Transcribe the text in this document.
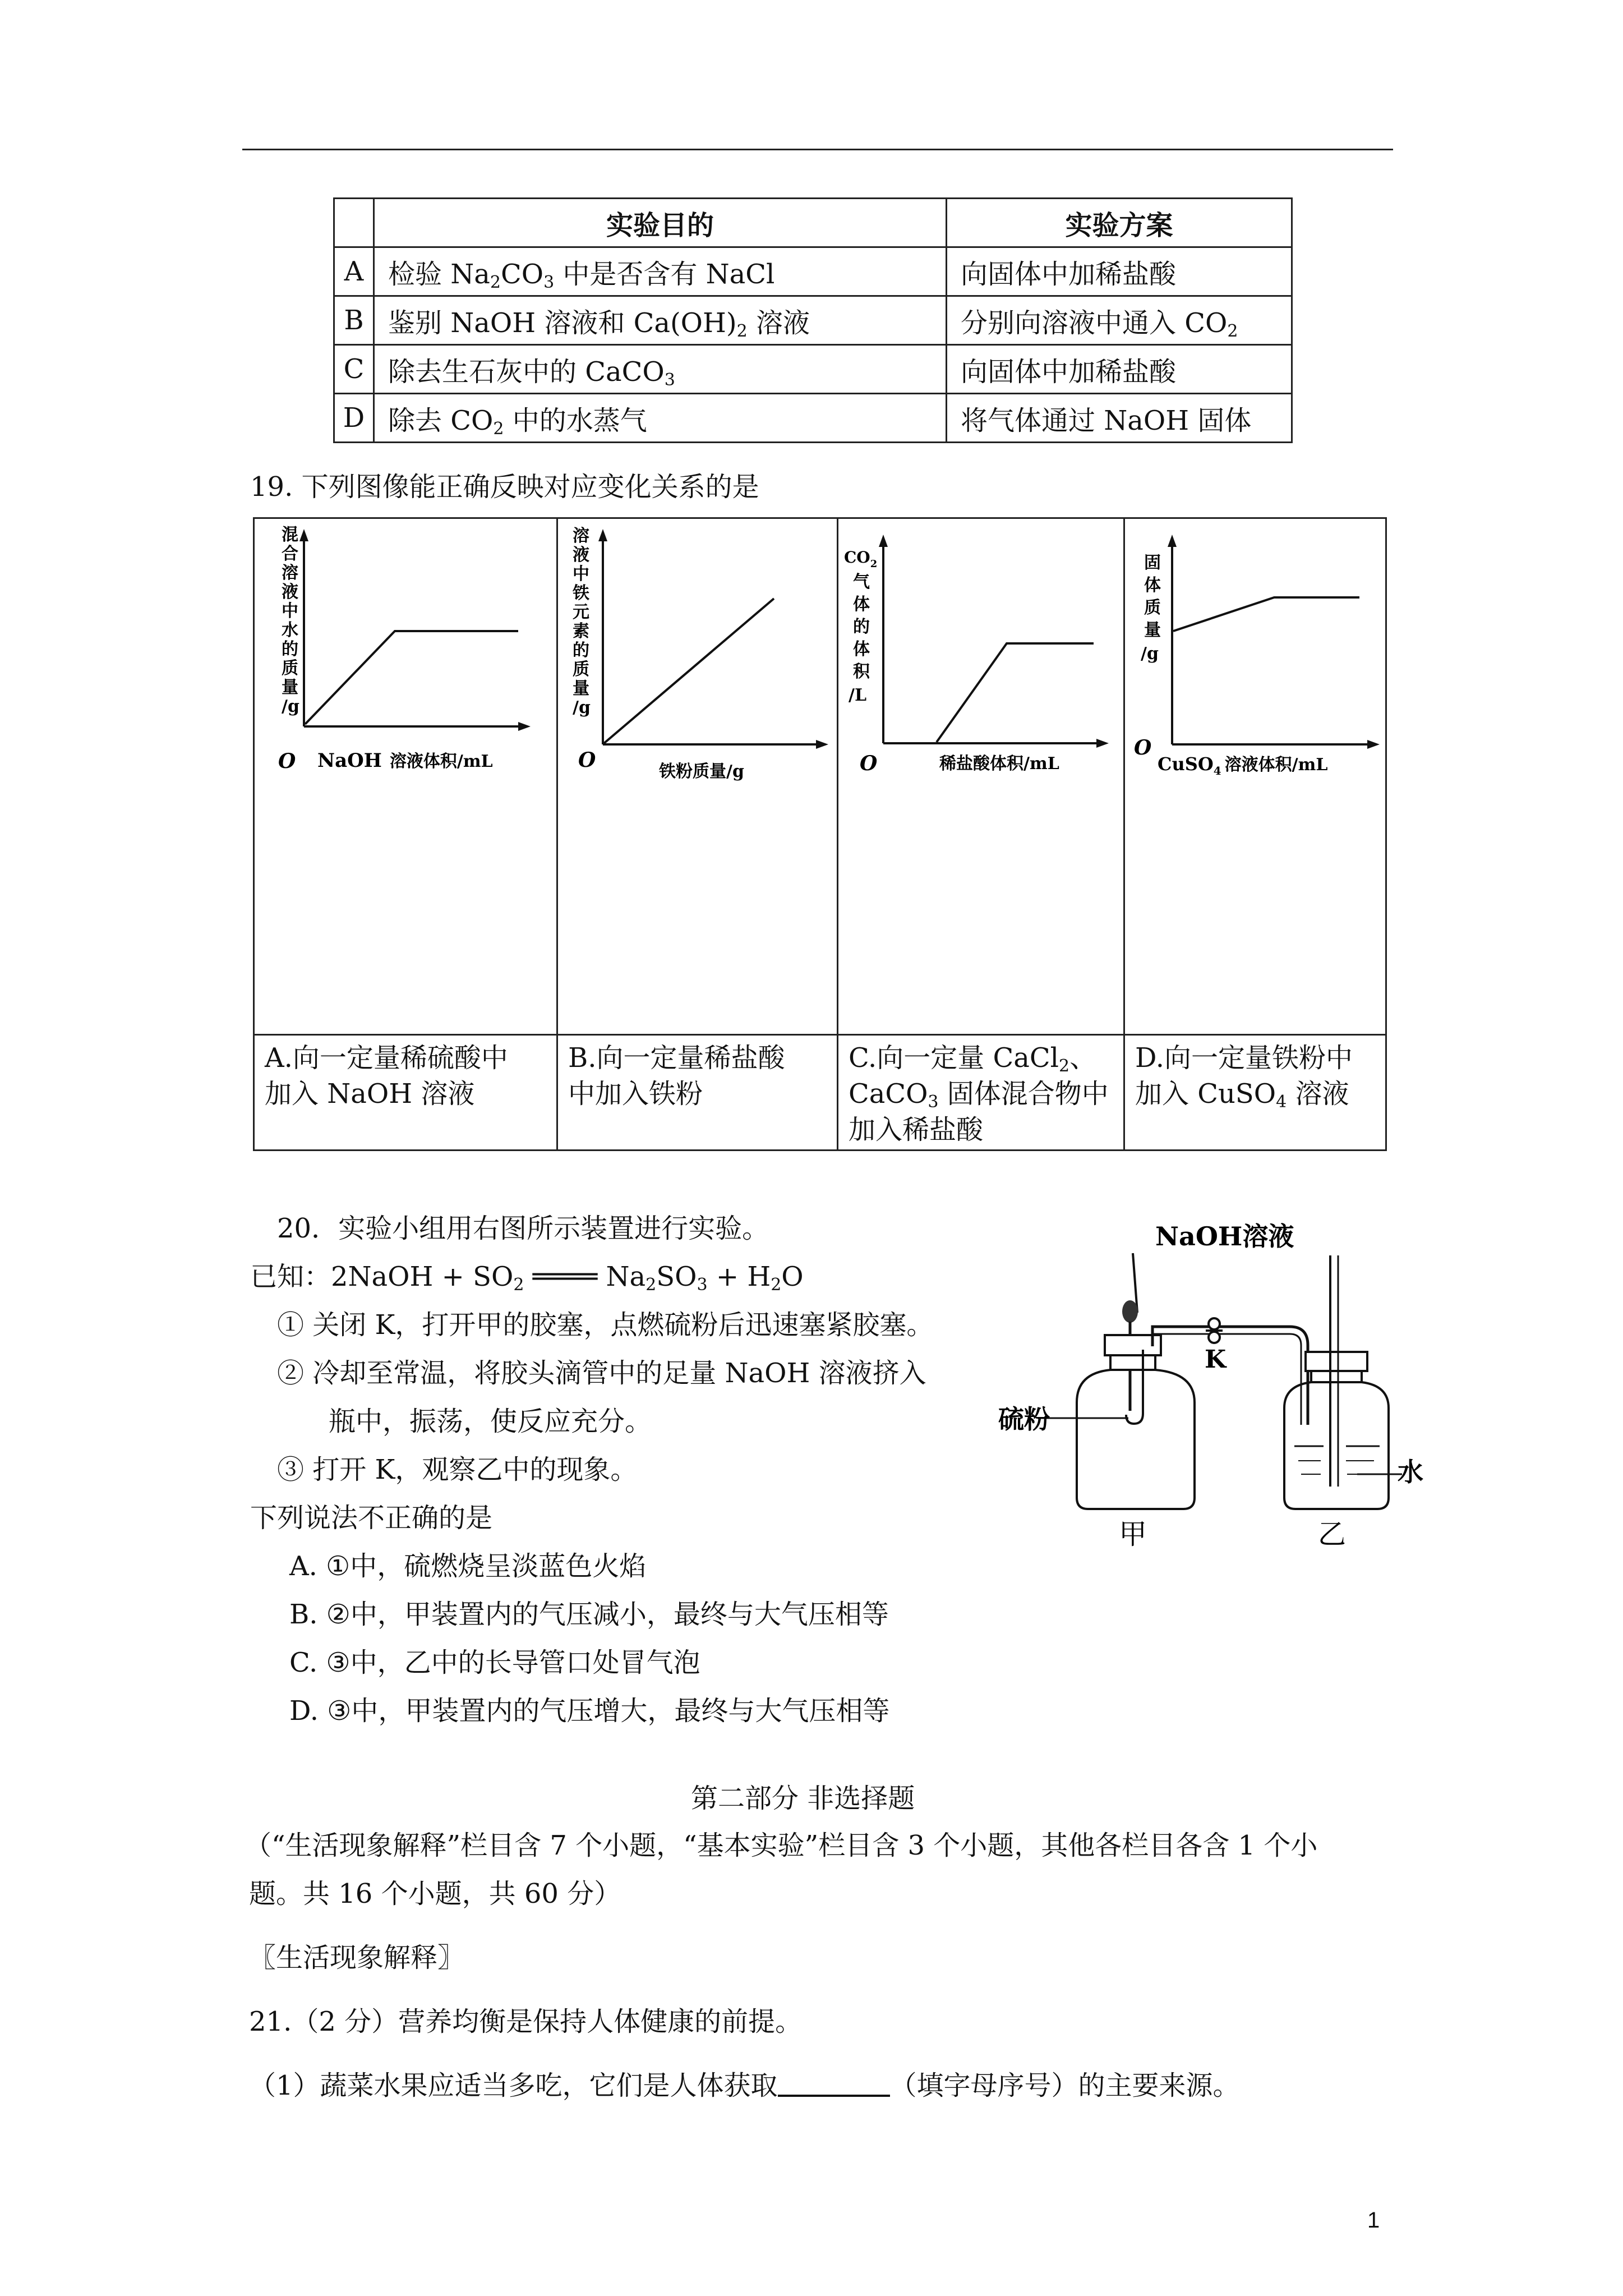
	实验目的	实验方案
A	检验 $Na_2CO_3$ 中是否含有 NaCl	向固体中加稀盐酸
B	鉴别 NaOH 溶液和 $Ca(OH)_2$ 溶液	分别向溶液中通入 $CO_2$
C	除去生石灰中的 CaCO$_3$	向固体中加稀盐酸
D	除去 $CO_2$ 中的水蒸气	将气体通过 NaOH 固体
19. 下列图像能正确反映对应变化关系的是
混合溶液中水的质量/g
O NaOH 溶液体积/mL
A.向一定量稀硫酸中
加入 NaOH 溶液
溶液中铁元素的质量/g
O	铁粉质量/g
B.向一定量稀盐酸
中加入铁粉
$CO_2$
气体的体积/L
O	稀盐酸体积/mL
C.向一定量 CaCl$_2$、
CaCO$_3$ 固体混合物中
加入稀盐酸
固体质量/g
O
CuSO$_4$ 溶液体积/mL
D.向一定量铁粉中
加入 CuSO$_4$ 溶液
20．实验小组用右图所示装置进行实验。
已知：2NaOH + $SO_2$ ════ $Na_2SO_3 + H_2O$
① 关闭 K，打开甲的胶塞，点燃硫粉后迅速塞紧胶塞。
② 冷却至常温，将胶头滴管中的足量 NaOH 溶液挤入
瓶中，振荡，使反应充分。
③ 打开 K，观察乙中的现象。
下列说法不正确的是
A. ①中，硫燃烧呈淡蓝色火焰
B. ②中，甲装置内的气压减小，最终与大气压相等
C. ③中，乙中的长导管口处冒气泡
D. ③中，甲装置内的气压增大，最终与大气压相等
NaOH溶液
硫粉
K
水
甲	乙
第二部分 非选择题
（“生活现象解释”栏目含 7 个小题，“基本实验”栏目含 3 个小题，其他各栏目各含 1 个小
题。共 16 个小题，共 60 分）
〖生活现象解释〗
21.（2 分）营养均衡是保持人体健康的前提。
（1）蔬菜水果应适当多吃，它们是人体获取	（填字母序号）的主要来源。
1
